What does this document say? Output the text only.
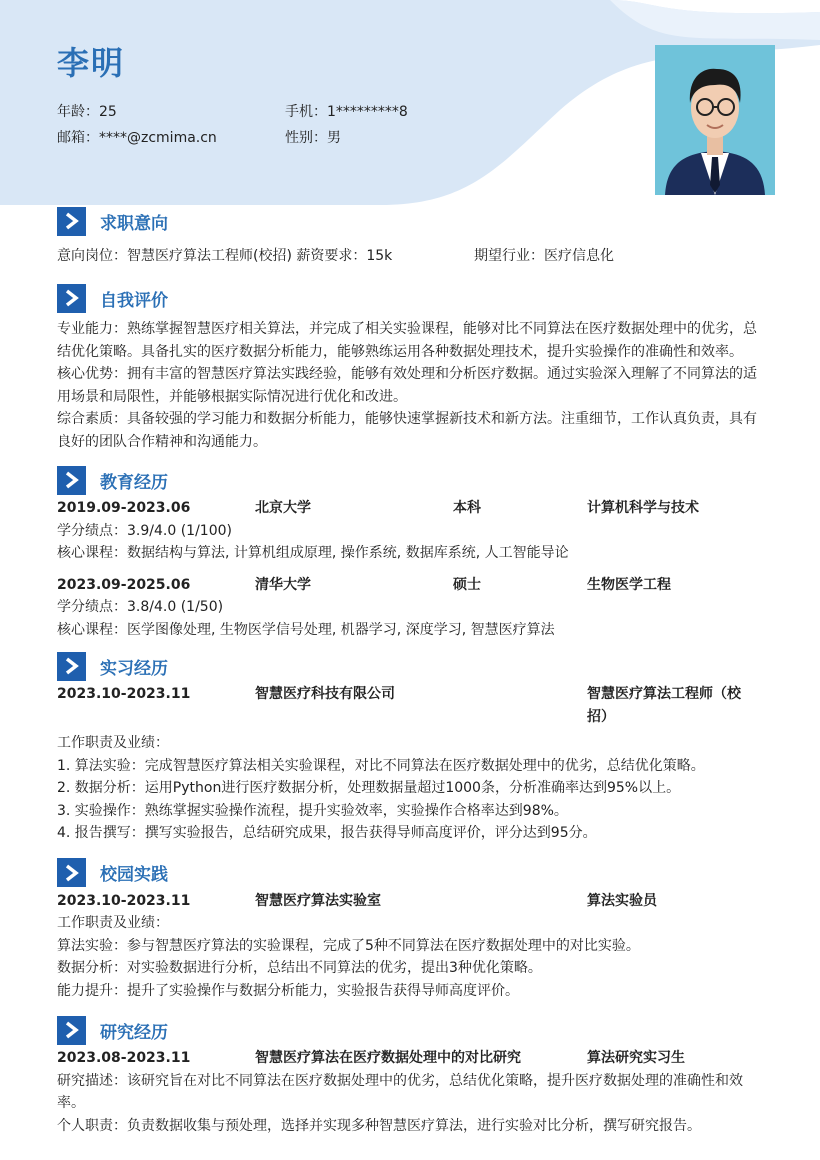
李明
年龄：25	手机：1*********8
邮箱：****@zcmima.cn	性别：男
求职意向
意向岗位：智慧医疗算法工程师(校招) 薪资要求：15k	期望行业：医疗信息化
自我评价
专业能力：熟练掌握智慧医疗相关算法，并完成了相关实验课程，能够对比不同算法在医疗数据处理中的优劣，总
结优化策略。具备扎实的医疗数据分析能力，能够熟练运用各种数据处理技术，提升实验操作的准确性和效率。
核心优势：拥有丰富的智慧医疗算法实践经验，能够有效处理和分析医疗数据。通过实验深入理解了不同算法的适
用场景和局限性，并能够根据实际情况进行优化和改进。
综合素质：具备较强的学习能力和数据分析能力，能够快速掌握新技术和新方法。注重细节，工作认真负责，具有
良好的团队合作精神和沟通能力。
教育经历
2019.09-2023.06	北京大学	本科	计算机科学与技术
学分绩点：3.9/4.0 (1/100)
核心课程：数据结构与算法, 计算机组成原理, 操作系统, 数据库系统, 人工智能导论
2023.09-2025.06	清华大学	硕士	生物医学工程
学分绩点：3.8/4.0 (1/50)
核心课程：医学图像处理, 生物医学信号处理, 机器学习, 深度学习, 智慧医疗算法
实习经历
2023.10-2023.11	智慧医疗科技有限公司	智慧医疗算法工程师（校
招）
工作职责及业绩：
1. 算法实验：完成智慧医疗算法相关实验课程，对比不同算法在医疗数据处理中的优劣，总结优化策略。
2. 数据分析：运用Python进行医疗数据分析，处理数据量超过1000条，分析准确率达到95%以上。
3. 实验操作：熟练掌握实验操作流程，提升实验效率，实验操作合格率达到98%。
4. 报告撰写：撰写实验报告，总结研究成果，报告获得导师高度评价，评分达到95分。
校园实践
2023.10-2023.11	智慧医疗算法实验室	算法实验员
工作职责及业绩：
算法实验：参与智慧医疗算法的实验课程，完成了5种不同算法在医疗数据处理中的对比实验。
数据分析：对实验数据进行分析，总结出不同算法的优劣，提出3种优化策略。
能力提升：提升了实验操作与数据分析能力，实验报告获得导师高度评价。
研究经历
2023.08-2023.11	智慧医疗算法在医疗数据处理中的对比研究	算法研究实习生
研究描述：该研究旨在对比不同算法在医疗数据处理中的优劣，总结优化策略，提升医疗数据处理的准确性和效
率。
个人职责：负责数据收集与预处理，选择并实现多种智慧医疗算法，进行实验对比分析，撰写研究报告。
